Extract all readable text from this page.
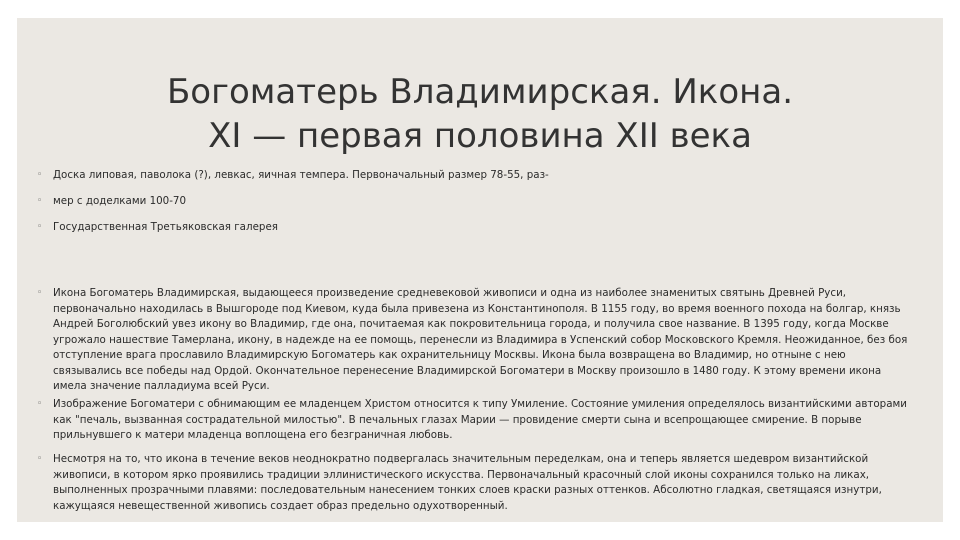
Богоматерь Владимирская. Икона.
XI — первая половина XII века
◦	Доска липовая, паволока (?), левкас, яичная темпера. Первоначальный размер 78-55, раз-
◦	мер с доделками 100-70
◦	Государственная Третьяковская галерея
◦	Икона Богоматерь Владимирская, выдающееся произведение средневековой живописи и одна из наиболее знаменитых святынь Древней Руси, первоначально находилась в Вышгороде под Киевом, куда была привезена из Константинополя. В 1155 году, во время военного похода на болгар, князь Андрей Боголюбский увез икону во Владимир, где она, почитаемая как покровительница города, и получила свое название. В 1395 году, когда Москве угрожало нашествие Тамерлана, икону, в надежде на ее помощь, перенесли из Владимира в Успенский собор Московского Кремля. Неожиданное, без боя отступление врага прославило Владимирскую Богоматерь как охранительницу Москвы. Икона была возвращена во Владимир, но отныне с нею связывались все победы над Ордой. Окончательное перенесение Владимирской Богоматери в Москву произошло в 1480 году. К этому времени икона имела значение палладиума всей Руси.
◦	Изображение Богоматери с обнимающим ее младенцем Христом относится к типу Умиление. Состояние умиления определялось византийскими авторами как "печаль, вызванная сострадательной милостью". В печальных глазах Марии — провидение смерти сына и всепрощающее смирение. В порыве прильнувшего к матери младенца воплощена его безграничная любовь.
◦	Несмотря на то, что икона в течение веков неоднократно подвергалась значительным переделкам, она и теперь является шедевром византийской живописи, в котором ярко проявились традиции эллинистического искусства. Первоначальный красочный слой иконы сохранился только на ликах, выполненных прозрачными плавями: последовательным нанесением тонких слоев краски разных оттенков. Абсолютно гладкая, светящаяся изнутри, кажущаяся невещественной живопись создает образ предельно одухотворенный.
